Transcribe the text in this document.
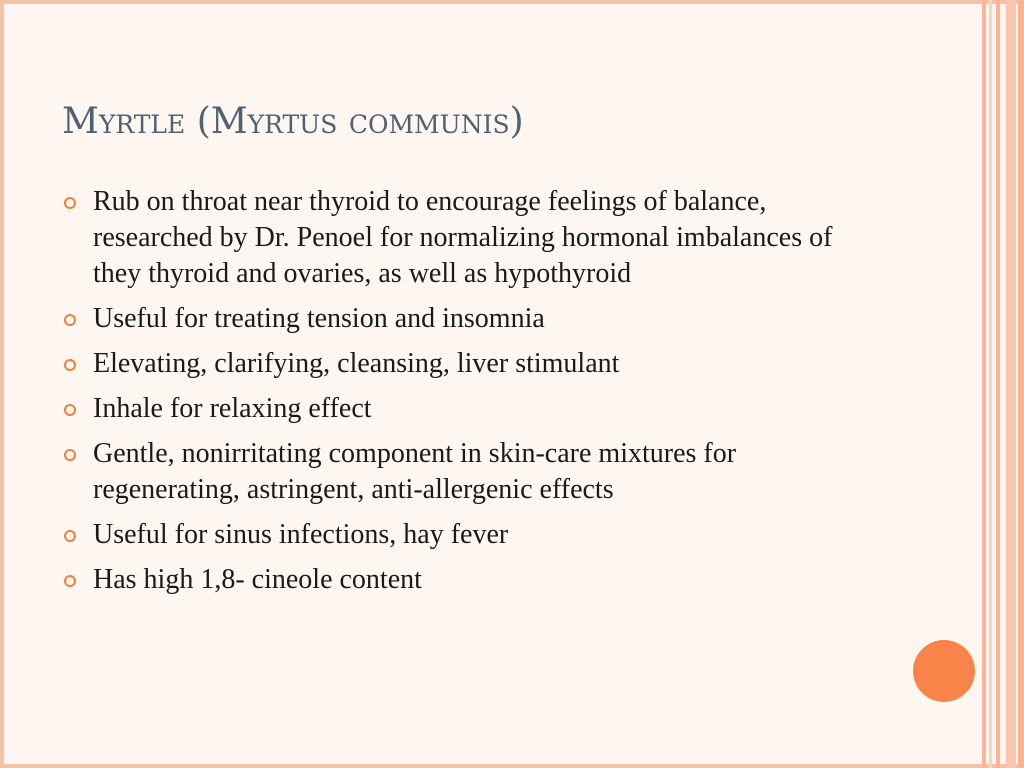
Myrtle (Myrtus communis)
Rub on throat near thyroid to encourage feelings of balance, researched by Dr. Penoel for normalizing hormonal imbalances of they thyroid and ovaries, as well as hypothyroid
Useful for treating tension and insomnia
Elevating, clarifying, cleansing, liver stimulant
Inhale for relaxing effect
Gentle, nonirritating component in skin-care mixtures for regenerating, astringent, anti-allergenic effects
Useful for sinus infections, hay fever
Has high 1,8- cineole content
